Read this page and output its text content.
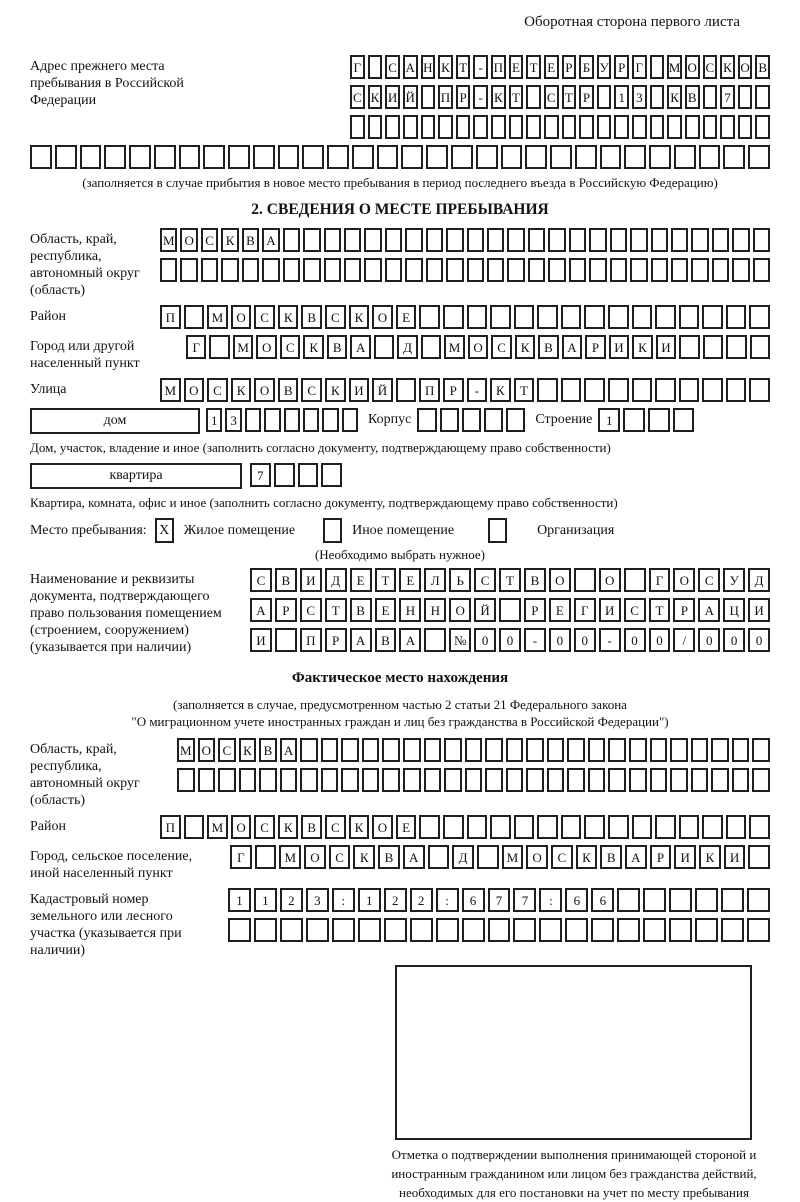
Оборотная сторона первого листа
Адрес прежнего места пребывания в Российской Федерации
Г С А Н К Т - П Е Т Е Р Б У Р Г М О С К О В
С К И Й П Р - К Т С Т Р	1 3	К В	7
(заполняется в случае прибытия в новое место пребывания в период последнего въезда в Российскую Федерацию)
2. СВЕДЕНИЯ О МЕСТЕ ПРЕБЫВАНИЯ
Область, край, республика, автономный округ (область)
М О С К В А
Район	П	М	О	С	К	В	С	К	О	Е
Город или другой населенный пункт
Г	М	О	С	К	В	А	Д	М	О	С	К	В	А	Р	И	К	И
Улица	М	О	С	К	О	В	С	К	И	Й	П	Р	-	К	Т
дом	1 3	Корпус	Строение	1
Дом, участок, владение и иное (заполнить согласно документу, подтверждающему право собственности)
квартира	7
Квартира, комната, офис и иное (заполнить согласно документу, подтверждающему право собственности)
Место пребывания: X Жилое помещение	Иное помещение	Организация
(Необходимо выбрать нужное)
Наименование и реквизиты документа, подтверждающего право пользования помещением (строением, сооружением) (указывается при наличии)
С	В	И	Д	Е	Т	Е	Л	Ь	С	Т	В	О	О	Г	О	С	У	Д
А	Р	С	Т	В	Е	Н	Н	О	Й	Р	Е	Г	И	С	Т	Р	А	Ц	И
И	П	Р	А	В	А	№	0	0	-	0	0	-	0	0	/	0	0	0
Фактическое место нахождения
(заполняется в случае, предусмотренном частью 2 статьи 21 Федерального закона
"О миграционном учете иностранных граждан и лиц без гражданства в Российской Федерации")
Область, край, республика, автономный округ (область)
М О С К В А
Район	П	М	О	С	К	В	С	К	О	Е
Город, сельское поселение, иной населенный пункт
Г	М	О	С	К	В	А	Д	М	О	С	К	В	А	Р	И	К	И
Кадастровый номер земельного или лесного участка (указывается при наличии)
1	1	2	3	:	1	2	2	:	6	7	7	:	6	6
Отметка о подтверждении выполнения принимающей стороной и иностранным гражданином или лицом без гражданства действий, необходимых для его постановки на учет по месту пребывания
